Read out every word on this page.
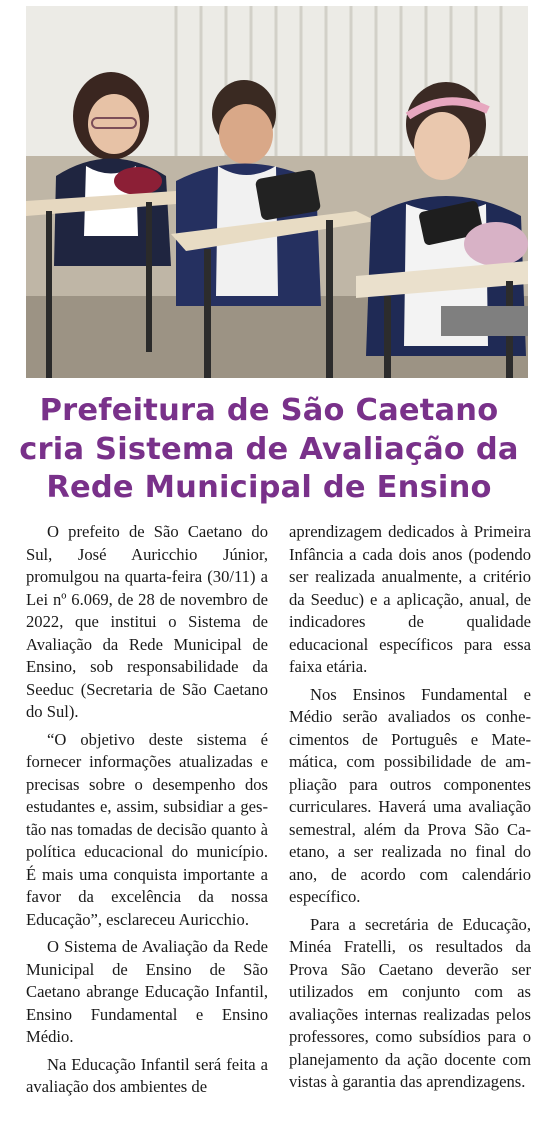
Prefeitura de São Caetano
cria Sistema de Avaliação da
Rede Municipal de Ensino

O prefeito de São Caetano do Sul, José Auricchio Júnior, promulgou na quarta-feira (30/11) a Lei nº 6.069, de 28 de novembro de 2022, que institui o Sistema de Avaliação da Rede Municipal de Ensino, sob responsabilidade da Seeduc (Secretaria de São Caetano do Sul).

“O objetivo deste sistema é fornecer informações atualizadas e precisas sobre o desempenho dos estudantes e, assim, subsidiar a gestão nas tomadas de decisão quanto à política educacional do município. É mais uma conquista importante a favor da excelência da nossa Educação”, esclareceu Auricchio.

O Sistema de Avaliação da Rede Municipal de Ensino de São Caetano abrange Educação Infantil, Ensino Fundamental e Ensino Médio.

Na Educação Infantil será feita a avaliação dos ambientes de

aprendizagem dedicados à Primeira Infância a cada dois anos (podendo ser realizada anualmente, a critério da Seeduc) e a aplicação, anual, de indicadores de qualidade educacional específicos para essa faixa etária.

Nos Ensinos Fundamental e Médio serão avaliados os conhecimentos de Português e Matemática, com possibilidade de ampliação para outros componentes curriculares. Haverá uma avaliação semestral, além da Prova São Caetano, a ser realizada no final do ano, de acordo com calendário específico.

Para a secretária de Educação, Minéa Fratelli, os resultados da Prova São Caetano deverão ser utilizados em conjunto com as avaliações internas realizadas pelos professores, como subsídios para o planejamento da ação docente com vistas à garantia das aprendizagens.
